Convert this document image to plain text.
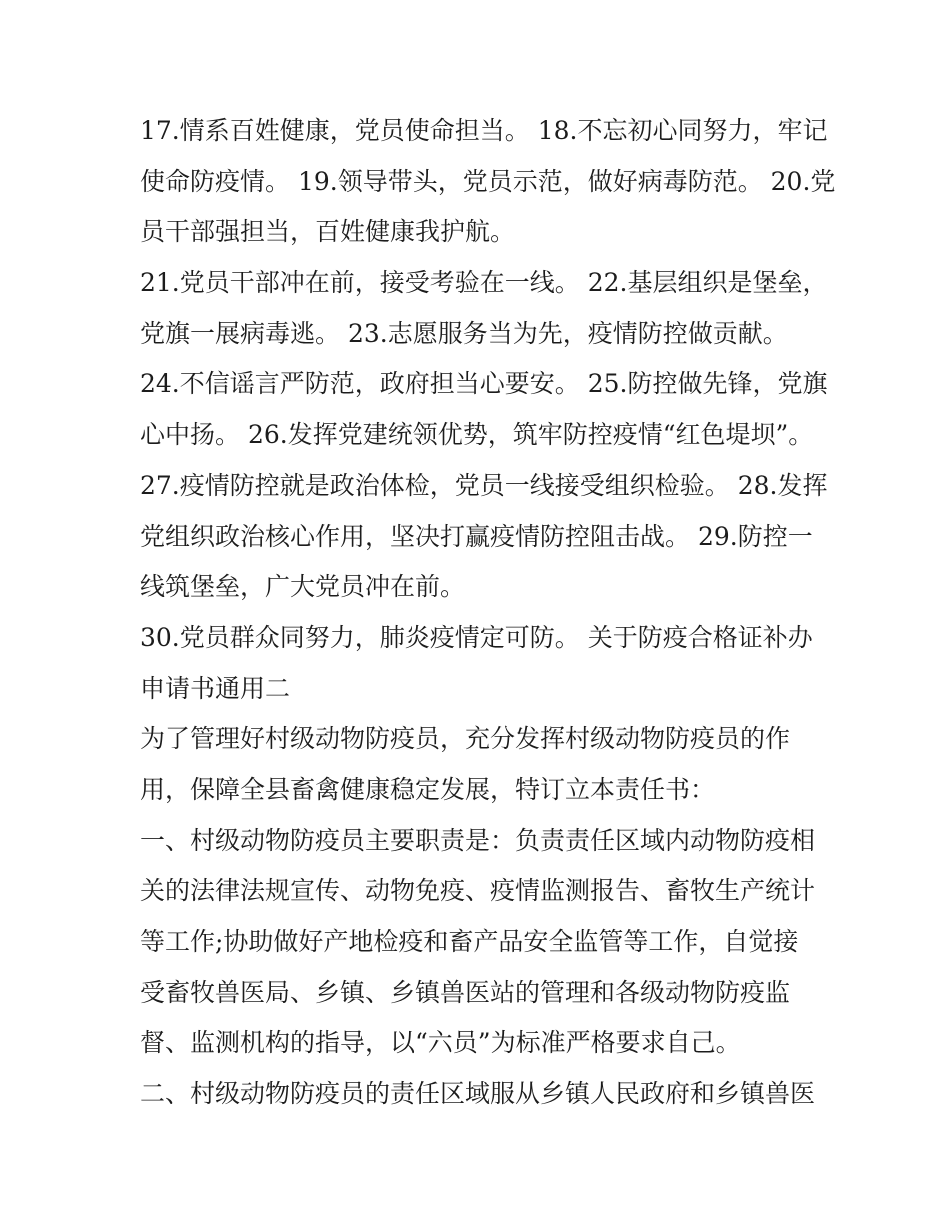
17.情系百姓健康，党员使命担当。 18.不忘初心同努力，牢记
使命防疫情。 19.领导带头，党员示范，做好病毒防范。 20.党
员干部强担当，百姓健康我护航。
21.党员干部冲在前，接受考验在一线。 22.基层组织是堡垒，
党旗一展病毒逃。 23.志愿服务当为先，疫情防控做贡献。
24.不信谣言严防范，政府担当心要安。 25.防控做先锋，党旗
心中扬。 26.发挥党建统领优势，筑牢防控疫情“红色堤坝”。
27.疫情防控就是政治体检，党员一线接受组织检验。 28.发挥
党组织政治核心作用，坚决打赢疫情防控阻击战。 29.防控一
线筑堡垒，广大党员冲在前。
30.党员群众同努力，肺炎疫情定可防。 关于防疫合格证补办
申请书通用二
为了管理好村级动物防疫员，充分发挥村级动物防疫员的作
用，保障全县畜禽健康稳定发展，特订立本责任书：
一、村级动物防疫员主要职责是：负责责任区域内动物防疫相
关的法律法规宣传、动物免疫、疫情监测报告、畜牧生产统计
等工作;协助做好产地检疫和畜产品安全监管等工作，自觉接
受畜牧兽医局、乡镇、乡镇兽医站的管理和各级动物防疫监
督、监测机构的指导，以“六员”为标准严格要求自己。
二、村级动物防疫员的责任区域服从乡镇人民政府和乡镇兽医
